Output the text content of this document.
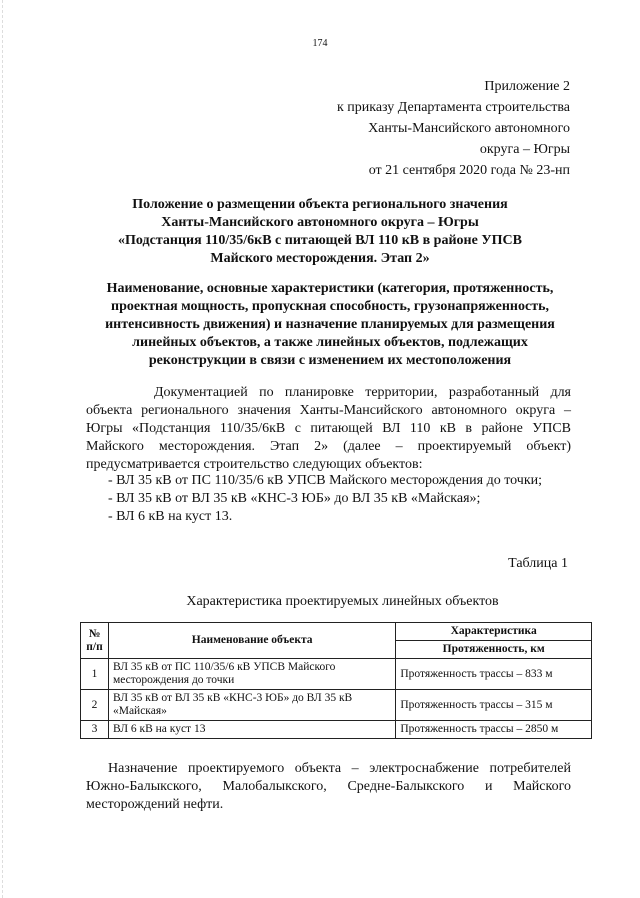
174
Приложение 2
к приказу Департамента строительства
Ханты-Мансийского автономного
округа – Югры
от 21 сентября 2020 года № 23-нп
Положение о размещении объекта регионального значения
Ханты-Мансийского автономного округа – Югры
«Подстанция 110/35/6кВ с питающей ВЛ 110 кВ в районе УПСВ
Майского месторождения. Этап 2»
Наименование, основные характеристики (категория, протяженность,
проектная мощность, пропускная способность, грузонапряженность,
интенсивность движения) и назначение планируемых для размещения
линейных объектов, а также линейных объектов, подлежащих
реконструкции в связи с изменением их местоположения
Документацией по планировке территории, разработанный для объекта регионального значения Ханты-Мансийского автономного округа – Югры «Подстанция 110/35/6кВ с питающей ВЛ 110 кВ в районе УПСВ Майского месторождения. Этап 2» (далее – проектируемый объект) предусматривается строительство следующих объектов:
- ВЛ 35 кВ от ПС 110/35/6 кВ УПСВ Майского месторождения до точки;
- ВЛ 35 кВ от ВЛ 35 кВ «КНС-3 ЮБ» до ВЛ 35 кВ «Майская»;
- ВЛ 6 кВ на куст 13.
Таблица 1
Характеристика проектируемых линейных объектов
№ п/п	Наименование объекта	Характеристика
		Протяженность, км
1	ВЛ 35 кВ от ПС 110/35/6 кВ УПСВ Майского месторождения до точки	Протяженность трассы – 833 м
2	ВЛ 35 кВ от ВЛ 35 кВ «КНС-3 ЮБ» до ВЛ 35 кВ «Майская»	Протяженность трассы – 315 м
3	ВЛ 6 кВ на куст 13	Протяженность трассы – 2850 м
Назначение проектируемого объекта – электроснабжение потребителей Южно-Балыкского, Малобалыкского, Средне-Балыкского и Майского месторождений нефти.
